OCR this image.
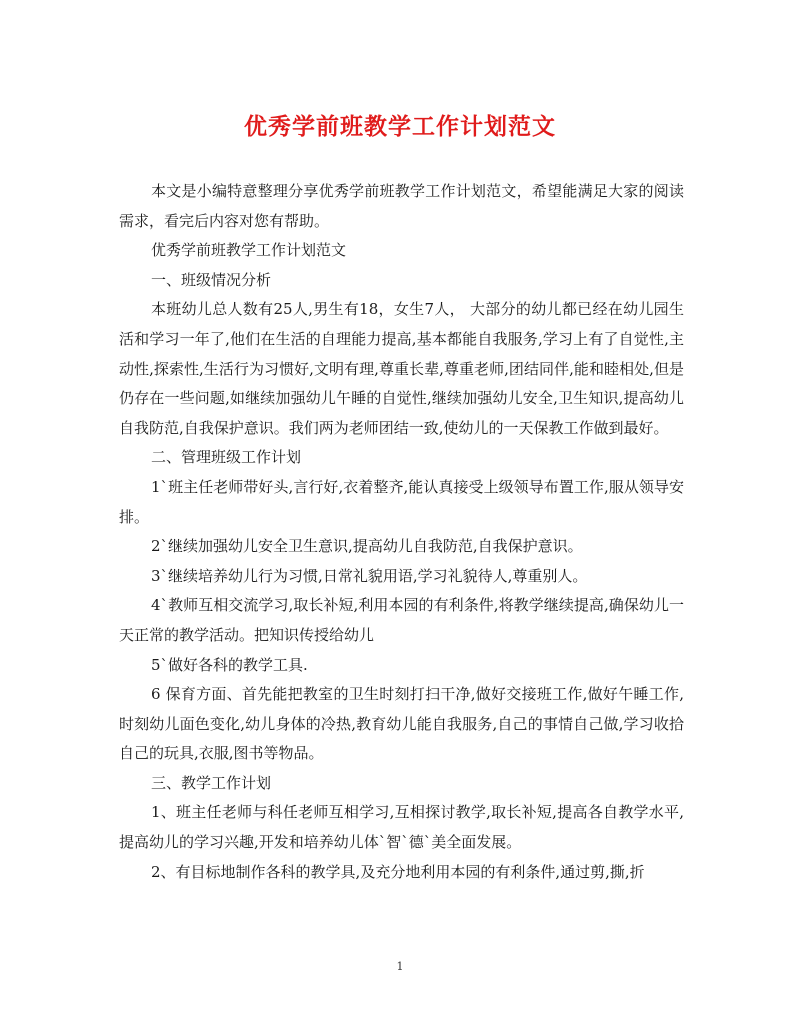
优秀学前班教学工作计划范文

本文是小编特意整理分享优秀学前班教学工作计划范文，希望能满足大家的阅读需求，看完后内容对您有帮助。

优秀学前班教学工作计划范文

一、班级情况分析

本班幼儿总人数有25人,男生有18，女生7人， 大部分的幼儿都已经在幼儿园生活和学习一年了,他们在生活的自理能力提高,基本都能自我服务,学习上有了自觉性,主动性,探索性,生活行为习惯好,文明有理,尊重长辈,尊重老师,团结同伴,能和睦相处,但是仍存在一些问题,如继续加强幼儿午睡的自觉性,继续加强幼儿安全,卫生知识,提高幼儿自我防范,自我保护意识。我们两为老师团结一致,使幼儿的一天保教工作做到最好。

二、管理班级工作计划

1`班主任老师带好头,言行好,衣着整齐,能认真接受上级领导布置工作,服从领导安排。

2`继续加强幼儿安全卫生意识,提高幼儿自我防范,自我保护意识。

3`继续培养幼儿行为习惯,日常礼貌用语,学习礼貌待人,尊重别人。

4`教师互相交流学习,取长补短,利用本园的有利条件,将教学继续提高,确保幼儿一天正常的教学活动。把知识传授给幼儿

5`做好各科的教学工具.

6 保育方面、首先能把教室的卫生时刻打扫干净,做好交接班工作,做好午睡工作,时刻幼儿面色变化,幼儿身体的冷热,教育幼儿能自我服务,自己的事情自己做,学习收拾自己的玩具,衣服,图书等物品。

三、教学工作计划

1、班主任老师与科任老师互相学习,互相探讨教学,取长补短,提高各自教学水平,提高幼儿的学习兴趣,开发和培养幼儿体`智`德`美全面发展。

2、有目标地制作各科的教学具,及充分地利用本园的有利条件,通过剪,撕,折

1
